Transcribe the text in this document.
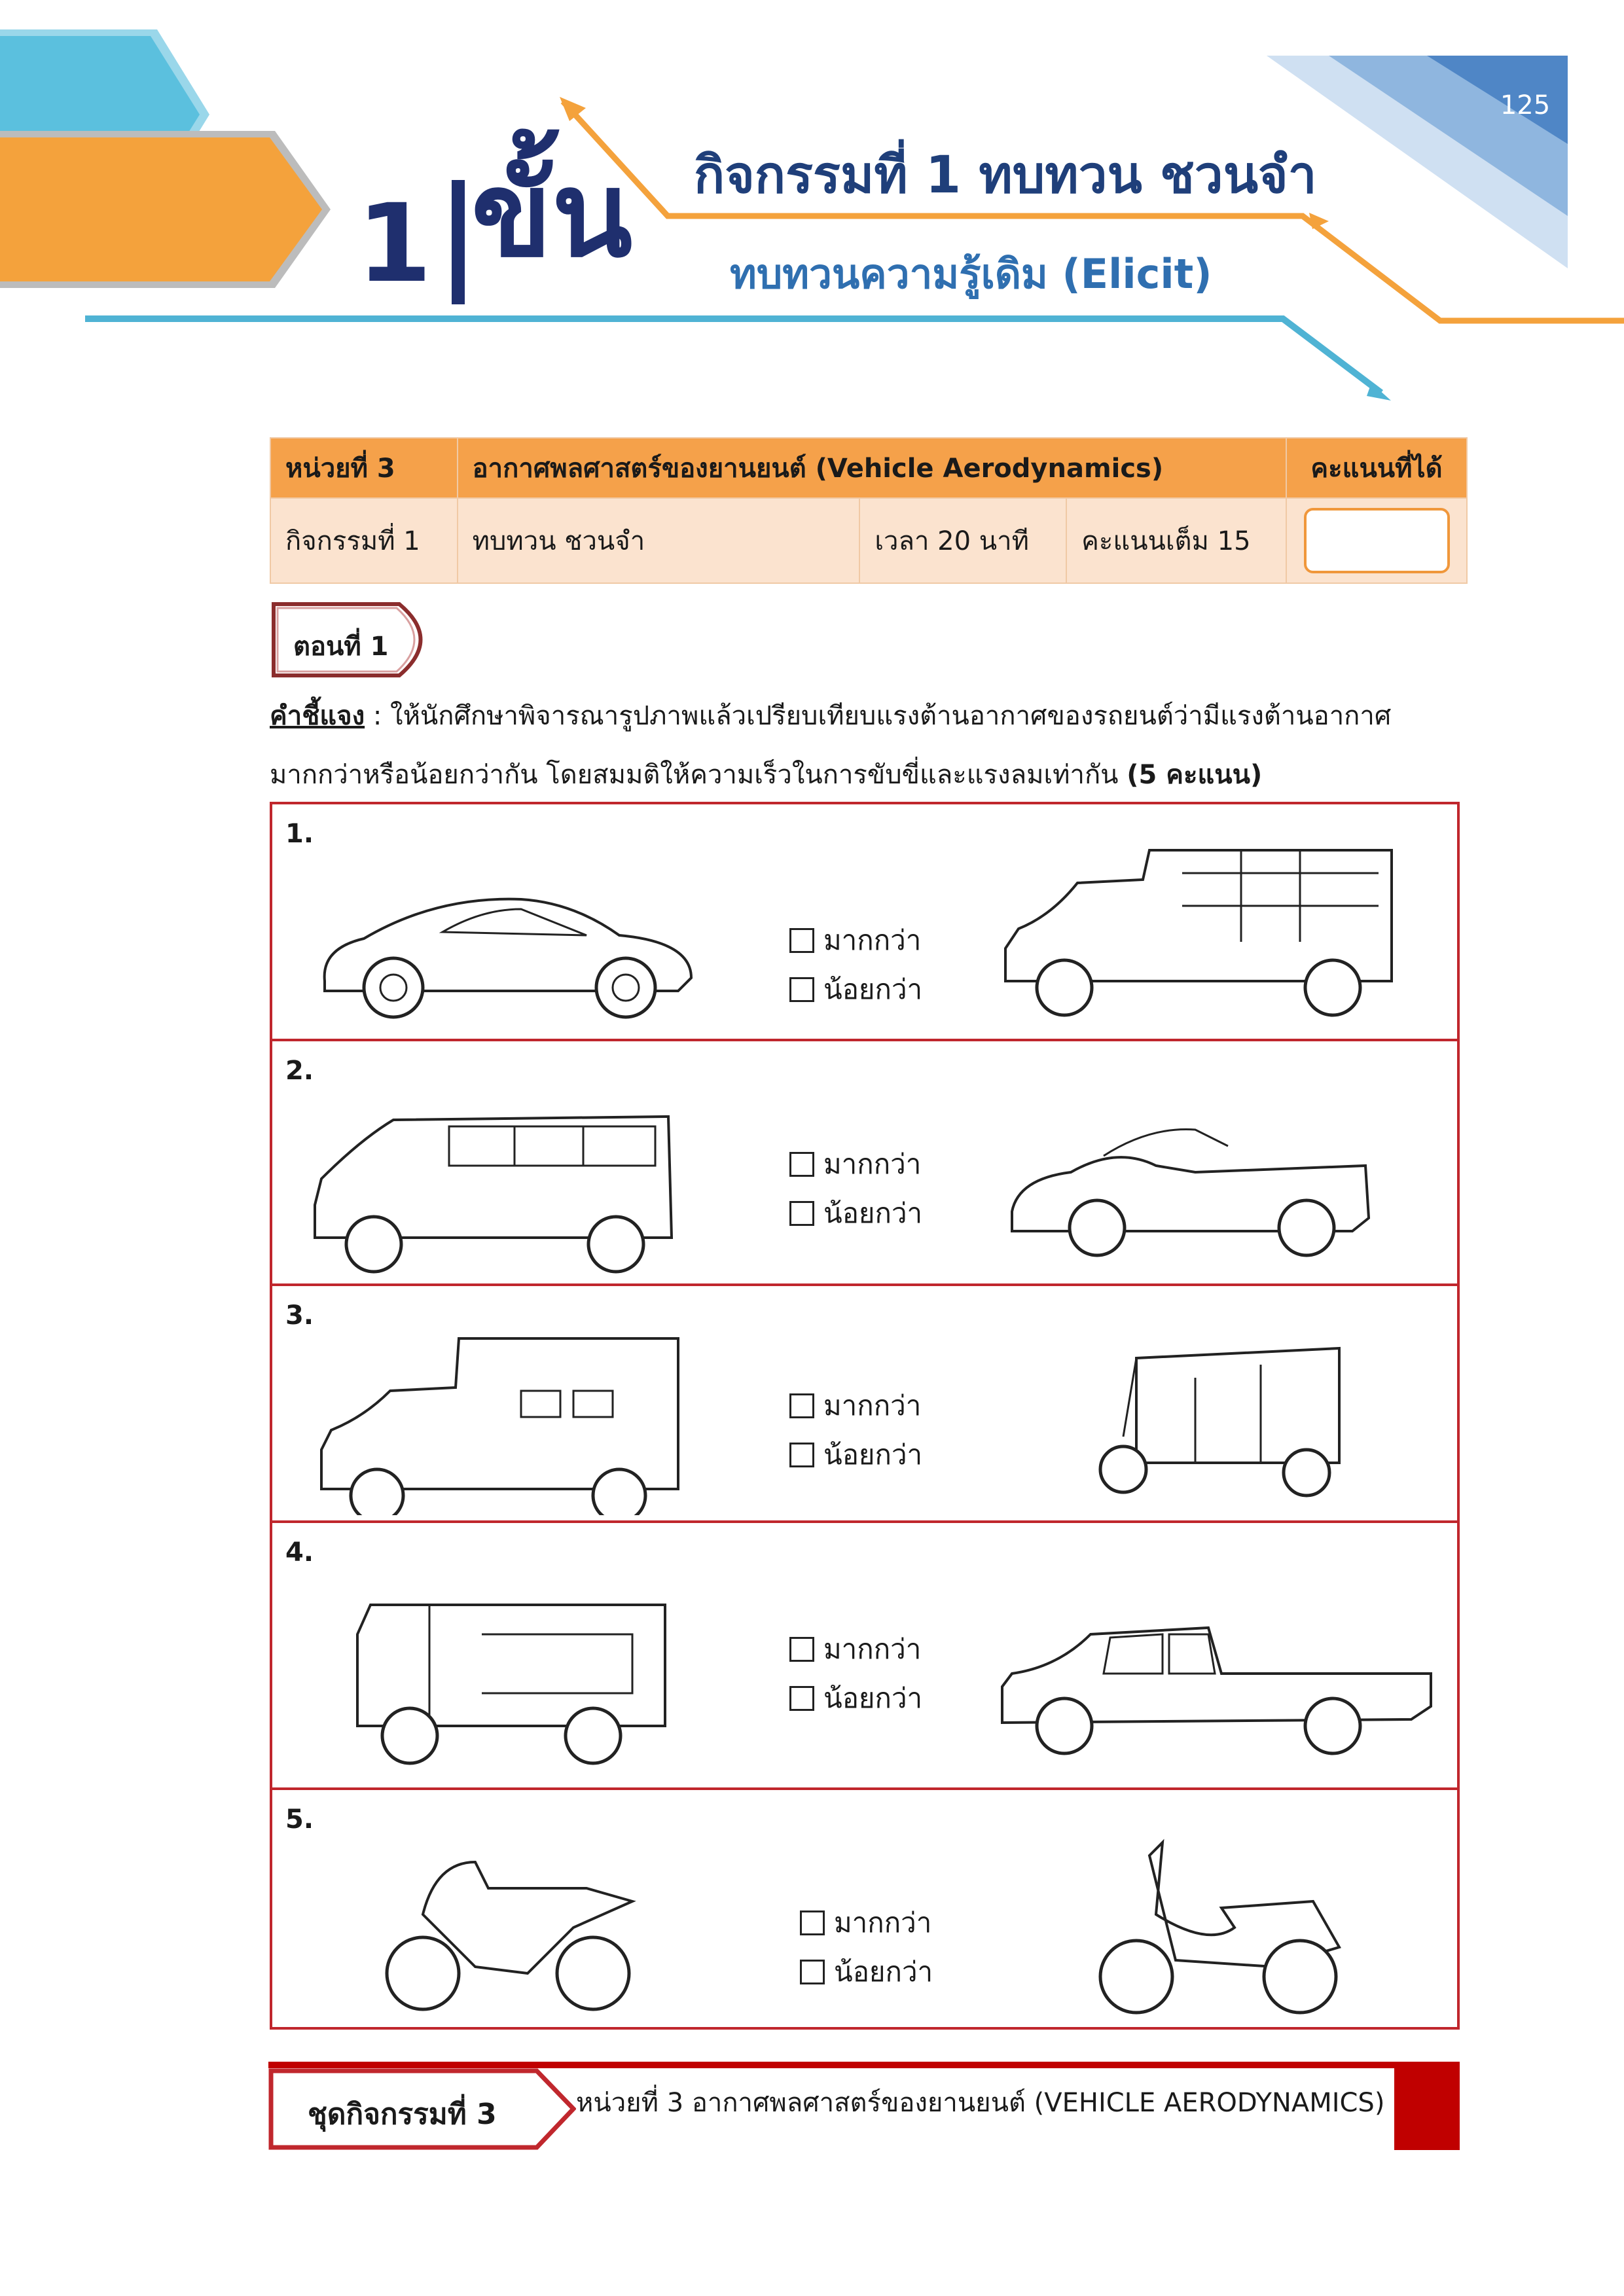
125
1 ขั้น กิจกรรมที่ 1 ทบทวน ชวนจำ
ทบทวนความรู้เดิม (Elicit)
หน่วยที่ 3	อากาศพลศาสตร์ของยานยนต์ (Vehicle Aerodynamics)			คะแนนที่ได้
กิจกรรมที่ 1	ทบทวน ชวนจำ	เวลา 20 นาที	คะแนนเต็ม 15	
ตอนที่ 1
คำชี้แจง : ให้นักศึกษาพิจารณารูปภาพแล้วเปรียบเทียบแรงต้านอากาศของรถยนต์ว่ามีแรงต้านอากาศ
มากกว่าหรือน้อยกว่ากัน โดยสมมติให้ความเร็วในการขับขี่และแรงลมเท่ากัน (5 คะแนน)
1.
มากกว่า
น้อยกว่า
2.
มากกว่า
น้อยกว่า
3.
มากกว่า
น้อยกว่า
4.
มากกว่า
น้อยกว่า
5.
มากกว่า
น้อยกว่า
ชุดกิจกรรมที่ 3	หน่วยที่ 3 อากาศพลศาสตร์ของยานยนต์ (VEHICLE AERODYNAMICS)
